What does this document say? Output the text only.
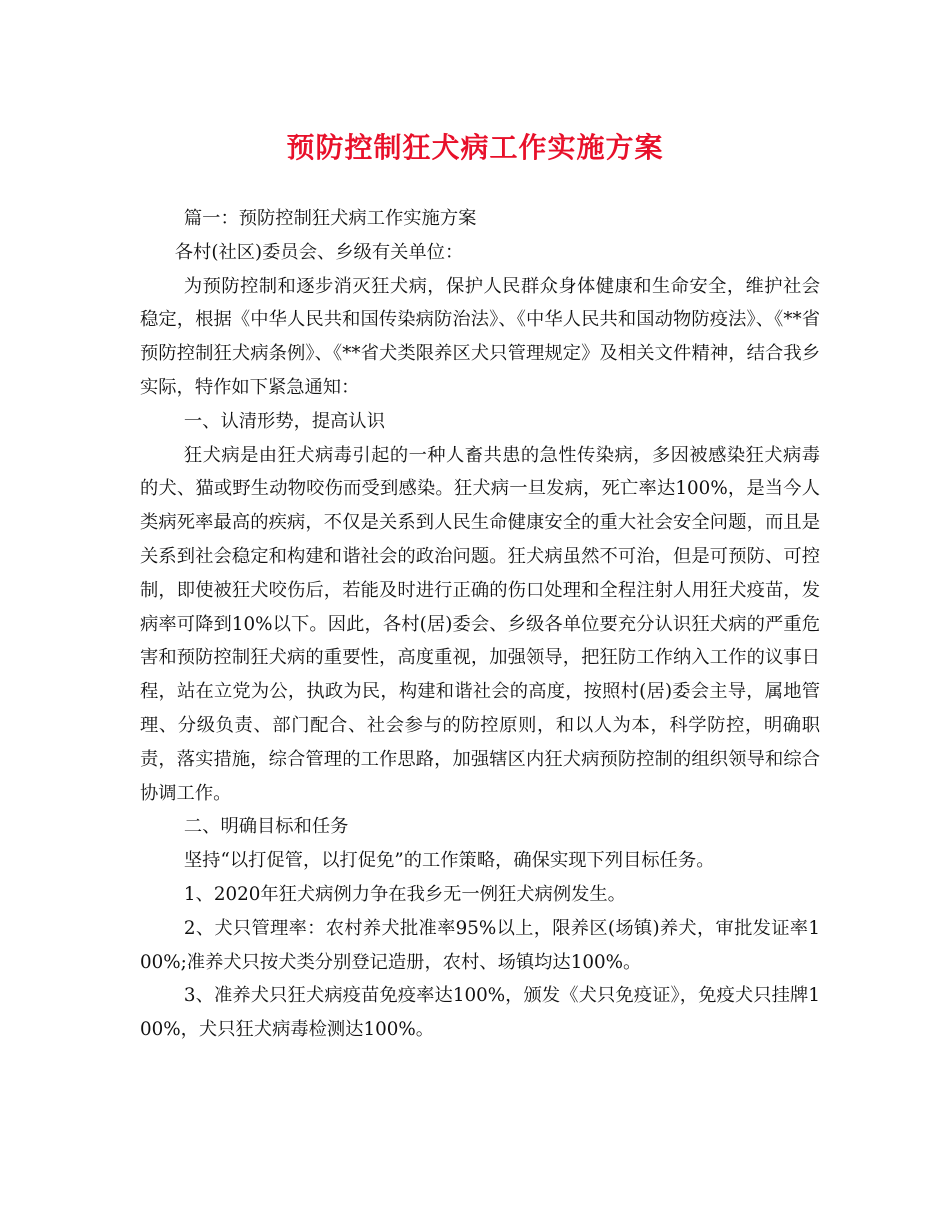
预防控制狂犬病工作实施方案

篇一：预防控制狂犬病工作实施方案

各村(社区)委员会、乡级有关单位：

为预防控制和逐步消灭狂犬病，保护人民群众身体健康和生命安全，维护社会稳定，根据《中华人民共和国传染病防治法》、《中华人民共和国动物防疫法》、《**省预防控制狂犬病条例》、《**省犬类限养区犬只管理规定》及相关文件精神，结合我乡实际，特作如下紧急通知：

一、认清形势，提高认识

狂犬病是由狂犬病毒引起的一种人畜共患的急性传染病，多因被感染狂犬病毒的犬、猫或野生动物咬伤而受到感染。狂犬病一旦发病，死亡率达100%，是当今人类病死率最高的疾病，不仅是关系到人民生命健康安全的重大社会安全问题，而且是关系到社会稳定和构建和谐社会的政治问题。狂犬病虽然不可治，但是可预防、可控制，即使被狂犬咬伤后，若能及时进行正确的伤口处理和全程注射人用狂犬疫苗，发病率可降到10%以下。因此，各村(居)委会、乡级各单位要充分认识狂犬病的严重危害和预防控制狂犬病的重要性，高度重视，加强领导，把狂防工作纳入工作的议事日程，站在立党为公，执政为民，构建和谐社会的高度，按照村(居)委会主导，属地管理、分级负责、部门配合、社会参与的防控原则，和以人为本，科学防控，明确职责，落实措施，综合管理的工作思路，加强辖区内狂犬病预防控制的组织领导和综合协调工作。

二、明确目标和任务

坚持“以打促管，以打促免”的工作策略，确保实现下列目标任务。

1、2020年狂犬病例力争在我乡无一例狂犬病例发生。

2、犬只管理率：农村养犬批准率95%以上，限养区(场镇)养犬，审批发证率100%;准养犬只按犬类分别登记造册，农村、场镇均达100%。

3、准养犬只狂犬病疫苗免疫率达100%，颁发《犬只免疫证》，免疫犬只挂牌100%，犬只狂犬病毒检测达100%。
